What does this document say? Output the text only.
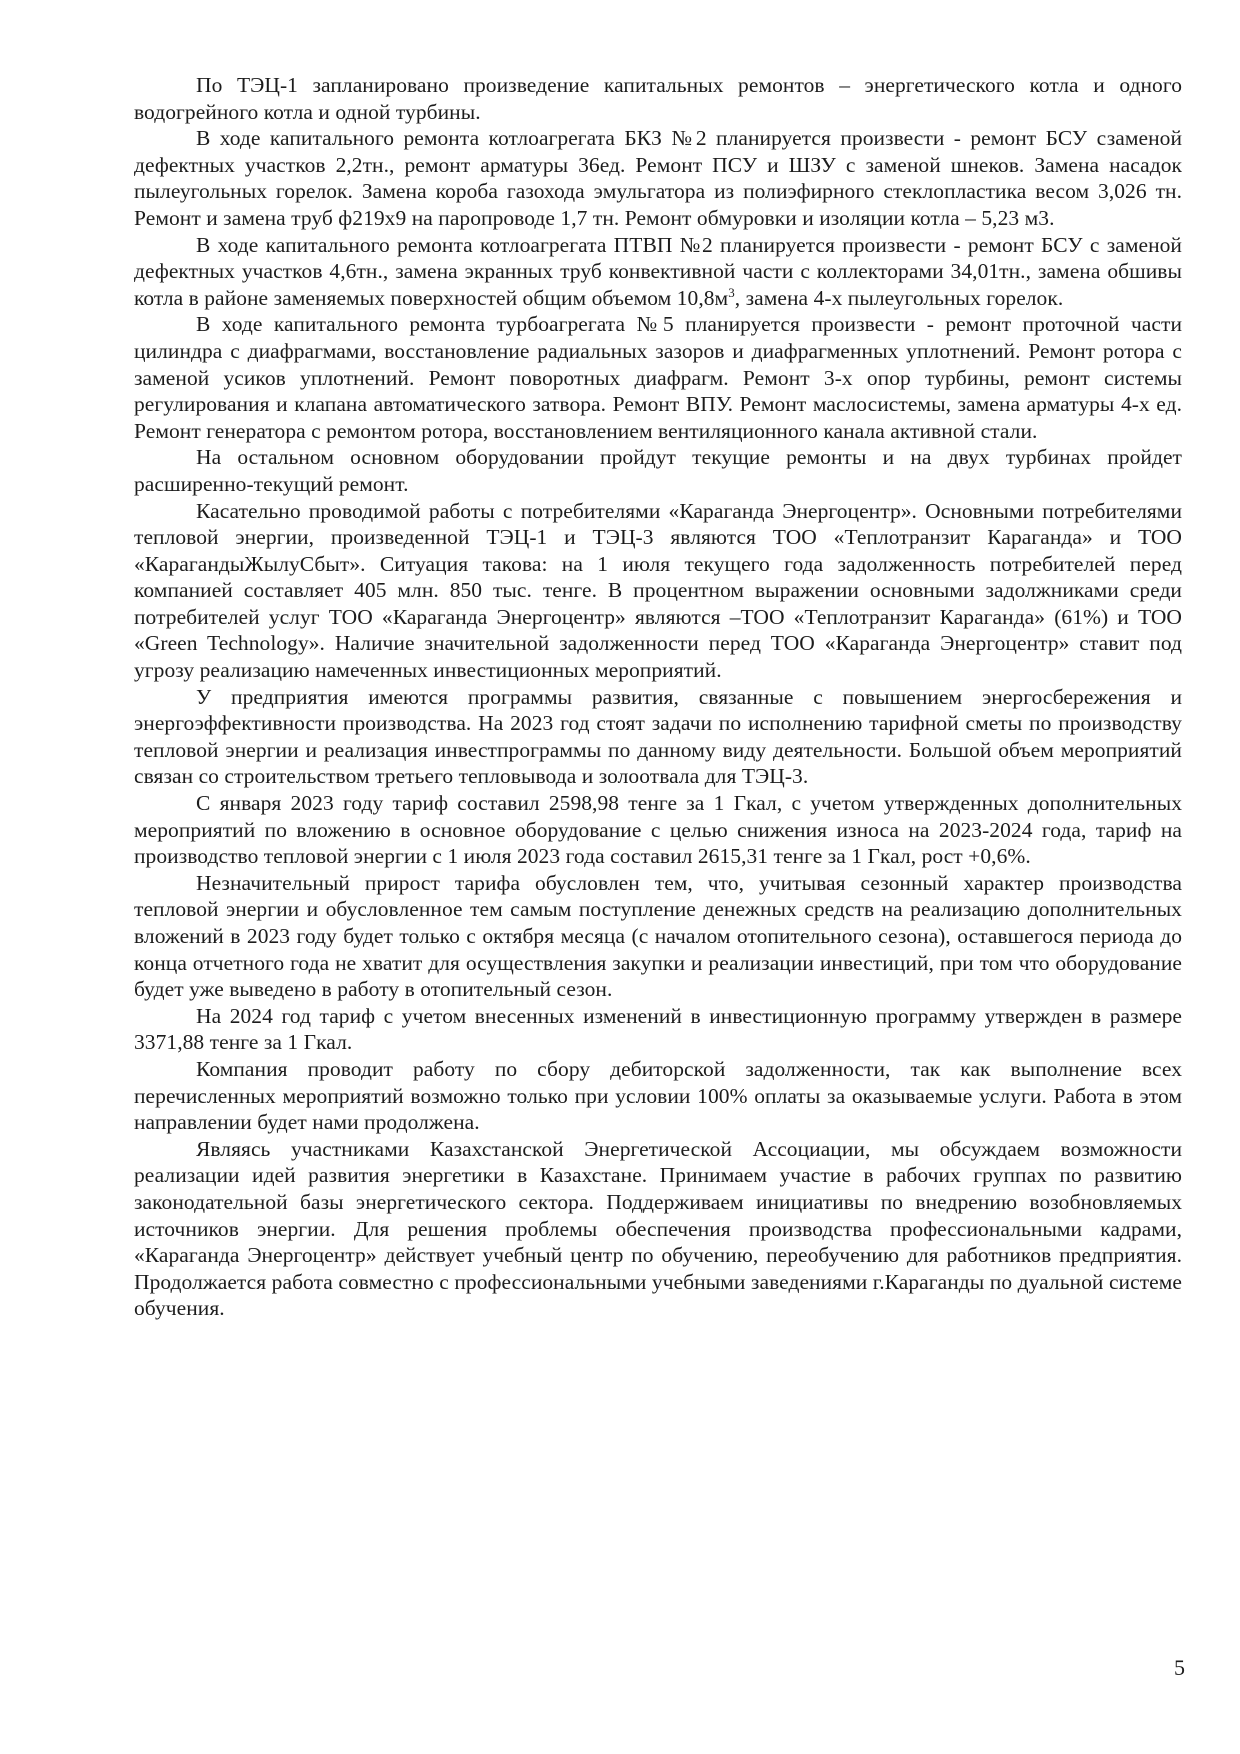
По ТЭЦ-1 запланировано произведение капитальных ремонтов – энергетического котла и одного водогрейного котла и одной турбины.

В ходе капитального ремонта котлоагрегата БКЗ №2 планируется произвести - ремонт БСУ сзаменой дефектных участков 2,2тн., ремонт арматуры 36ед. Ремонт ПСУ и ШЗУ с заменой шнеков. Замена насадок пылеугольных горелок. Замена короба газохода эмульгатора из полиэфирного стеклопластика весом 3,026 тн. Ремонт и замена труб ф219х9 на паропроводе 1,7 тн. Ремонт обмуровки и изоляции котла – 5,23 м3.

В ходе капитального ремонта котлоагрегата ПТВП №2 планируется произвести - ремонт БСУ с заменой дефектных участков 4,6тн., замена экранных труб конвективной части с коллекторами 34,01тн., замена обшивы котла в районе заменяемых поверхностей общим объемом $10,8м^3$, замена 4-х пылеугольных горелок.

В ходе капитального ремонта турбоагрегата №5 планируется произвести - ремонт проточной части цилиндра с диафрагмами, восстановление радиальных зазоров и диафрагменных уплотнений. Ремонт ротора с заменой усиков уплотнений. Ремонт поворотных диафрагм. Ремонт 3-х опор турбины, ремонт системы регулирования и клапана автоматического затвора. Ремонт ВПУ. Ремонт маслосистемы, замена арматуры 4-х ед. Ремонт генератора с ремонтом ротора, восстановлением вентиляционного канала активной стали.

На остальном основном оборудовании пройдут текущие ремонты и на двух турбинах пройдет расширенно-текущий ремонт.

Касательно проводимой работы с потребителями «Караганда Энергоцентр». Основными потребителями тепловой энергии, произведенной ТЭЦ-1 и ТЭЦ-3 являются ТОО «Теплотранзит Караганда» и ТОО «КарагандыЖылуСбыт». Ситуация такова: на 1 июля текущего года задолженность потребителей перед компанией составляет 405 млн. 850 тыс. тенге. В процентном выражении основными задолжниками среди потребителей услуг ТОО «Караганда Энергоцентр» являются –ТОО «Теплотранзит Караганда» (61%) и ТОО «Green Technology». Наличие значительной задолженности перед ТОО «Караганда Энергоцентр» ставит под угрозу реализацию намеченных инвестиционных мероприятий.

У предприятия имеются программы развития, связанные с повышением энергосбережения и энергоэффективности производства. На 2023 год стоят задачи по исполнению тарифной сметы по производству тепловой энергии и реализация инвестпрограммы по данному виду деятельности. Большой объем мероприятий связан со строительством третьего тепловывода и золоотвала для ТЭЦ-3.

С января 2023 году тариф составил 2598,98 тенге за 1 Гкал, с учетом утвержденных дополнительных мероприятий по вложению в основное оборудование с целью снижения износа на 2023-2024 года, тариф на производство тепловой энергии с 1 июля 2023 года составил 2615,31 тенге за 1 Гкал, рост +0,6%.

Незначительный прирост тарифа обусловлен тем, что, учитывая сезонный характер производства тепловой энергии и обусловленное тем самым поступление денежных средств на реализацию дополнительных вложений в 2023 году будет только с октября месяца (с началом отопительного сезона), оставшегося периода до конца отчетного года не хватит для осуществления закупки и реализации инвестиций, при том что оборудование будет уже выведено в работу в отопительный сезон.

На 2024 год тариф с учетом внесенных изменений в инвестиционную программу утвержден в размере 3371,88 тенге за 1 Гкал.

Компания проводит работу по сбору дебиторской задолженности, так как выполнение всех перечисленных мероприятий возможно только при условии 100% оплаты за оказываемые услуги. Работа в этом направлении будет нами продолжена.

Являясь участниками Казахстанской Энергетической Ассоциации, мы обсуждаем возможности реализации идей развития энергетики в Казахстане. Принимаем участие в рабочих группах по развитию законодательной базы энергетического сектора. Поддерживаем инициативы по внедрению возобновляемых источников энергии. Для решения проблемы обеспечения производства профессиональными кадрами, «Караганда Энергоцентр» действует учебный центр по обучению, переобучению для работников предприятия. Продолжается работа совместно с профессиональными учебными заведениями г.Караганды по дуальной системе обучения.

5
